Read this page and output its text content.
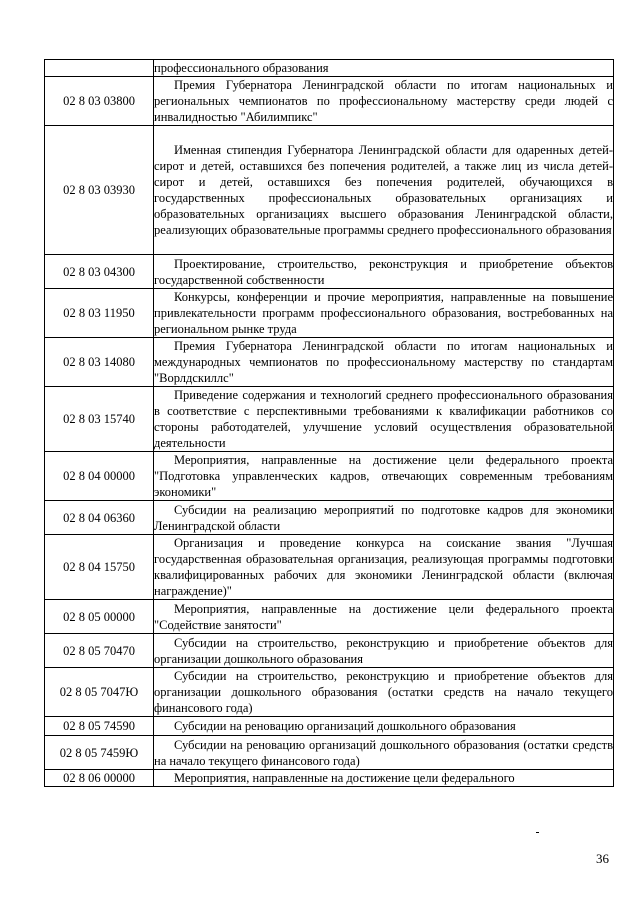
	профессионального образования

02 8 03 03800	Премия Губернатора Ленинградской области по итогам национальных и региональных чемпионатов по профессиональному мастерству среди людей с инвалидностью "Абилимпикс"

02 8 03 03930	Именная стипендия Губернатора Ленинградской области для одаренных детей-сирот и детей, оставшихся без попечения родителей, а также лиц из числа детей-сирот и детей, оставшихся без попечения родителей, обучающихся в государственных профессиональных образовательных организациях и образовательных организациях высшего образования Ленинградской области, реализующих образовательные программы среднего профессионального образования

02 8 03 04300	Проектирование, строительство, реконструкция и приобретение объектов государственной собственности

02 8 03 11950	Конкурсы, конференции и прочие мероприятия, направленные на повышение привлекательности программ профессионального образования, востребованных на региональном рынке труда

02 8 03 14080	Премия Губернатора Ленинградской области по итогам национальных и международных чемпионатов по профессиональному мастерству по стандартам "Ворлдскиллс"

02 8 03 15740	Приведение содержания и технологий среднего профессионального образования в соответствие с перспективными требованиями к квалификации работников со стороны работодателей, улучшение условий осуществления образовательной деятельности

02 8 04 00000	Мероприятия, направленные на достижение цели федерального проекта "Подготовка управленческих кадров, отвечающих современным требованиям экономики"

02 8 04 06360	Субсидии на реализацию мероприятий по подготовке кадров для экономики Ленинградской области

02 8 04 15750	Организация и проведение конкурса на соискание звания "Лучшая государственная образовательная организация, реализующая программы подготовки квалифицированных рабочих для экономики Ленинградской области (включая награждение)"

02 8 05 00000	Мероприятия, направленные на достижение цели федерального проекта "Содействие занятости"

02 8 05 70470	Субсидии на строительство, реконструкцию и приобретение объектов для организации дошкольного образования

02 8 05 7047Ю	Субсидии на строительство, реконструкцию и приобретение объектов для организации дошкольного образования (остатки средств на начало текущего финансового года)

02 8 05 74590	Субсидии на реновацию организаций дошкольного образования

02 8 05 7459Ю	Субсидии на реновацию организаций дошкольного образования (остатки средств на начало текущего финансового года)

02 8 06 00000	Мероприятия, направленные на достижение цели федерального
36
